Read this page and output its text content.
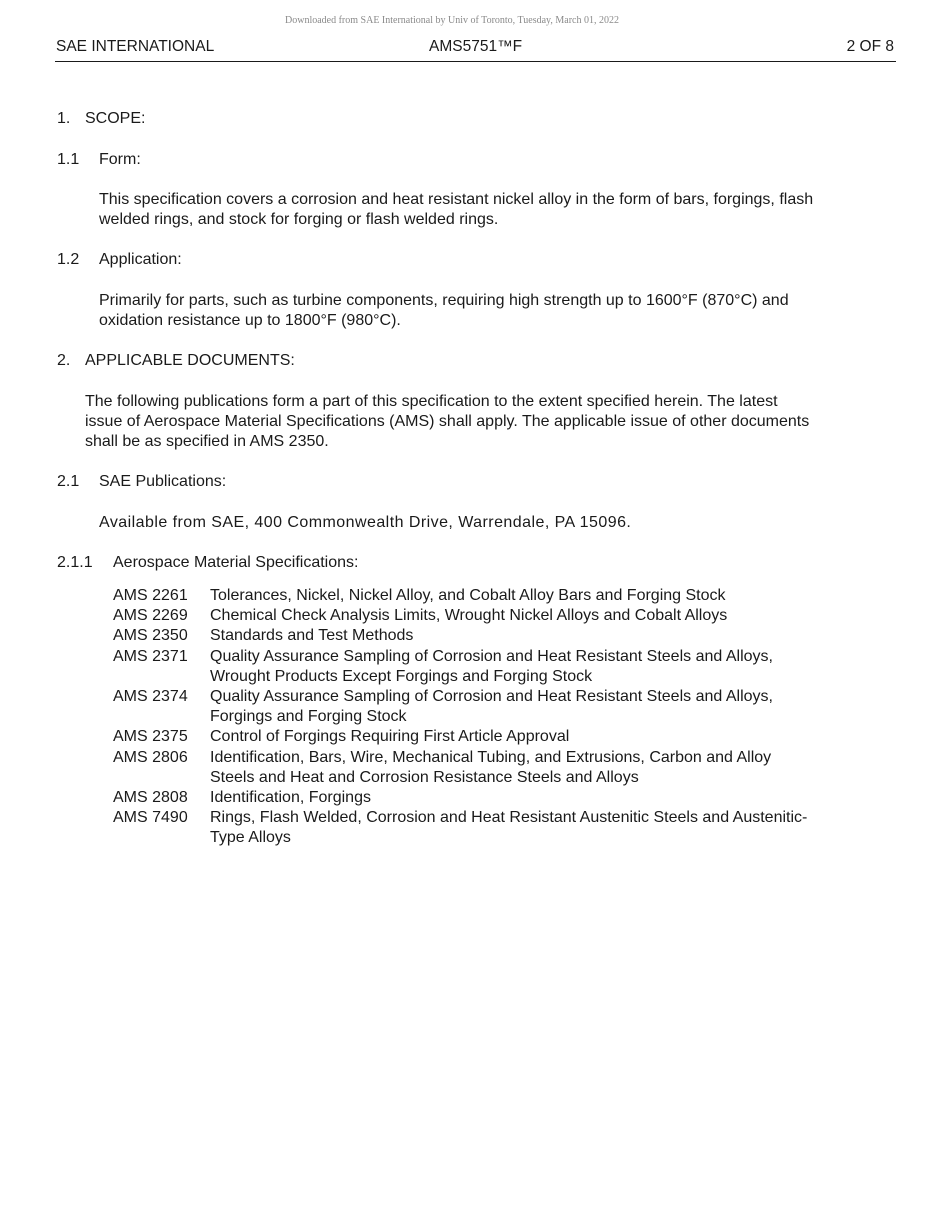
Downloaded from SAE International by Univ of Toronto, Tuesday, March 01, 2022
SAE INTERNATIONAL	AMS5751™F	2 OF 8
1. SCOPE:
1.1 Form:
This specification covers a corrosion and heat resistant nickel alloy in the form of bars, forgings, flash
welded rings, and stock for forging or flash welded rings.
1.2 Application:
Primarily for parts, such as turbine components, requiring high strength up to 1600°F (870°C) and
oxidation resistance up to 1800°F (980°C).
2. APPLICABLE DOCUMENTS:
The following publications form a part of this specification to the extent specified herein. The latest
issue of Aerospace Material Specifications (AMS) shall apply. The applicable issue of other documents
shall be as specified in AMS 2350.
2.1 SAE Publications:
Available from SAE, 400 Commonwealth Drive, Warrendale, PA 15096.
2.1.1 Aerospace Material Specifications:
AMS 2261 Tolerances, Nickel, Nickel Alloy, and Cobalt Alloy Bars and Forging Stock
AMS 2269 Chemical Check Analysis Limits, Wrought Nickel Alloys and Cobalt Alloys
AMS 2350 Standards and Test Methods
AMS 2371 Quality Assurance Sampling of Corrosion and Heat Resistant Steels and Alloys,
Wrought Products Except Forgings and Forging Stock
AMS 2374 Quality Assurance Sampling of Corrosion and Heat Resistant Steels and Alloys,
Forgings and Forging Stock
AMS 2375 Control of Forgings Requiring First Article Approval
AMS 2806 Identification, Bars, Wire, Mechanical Tubing, and Extrusions, Carbon and Alloy
Steels and Heat and Corrosion Resistance Steels and Alloys
AMS 2808 Identification, Forgings
AMS 7490 Rings, Flash Welded, Corrosion and Heat Resistant Austenitic Steels and Austenitic-
Type Alloys
